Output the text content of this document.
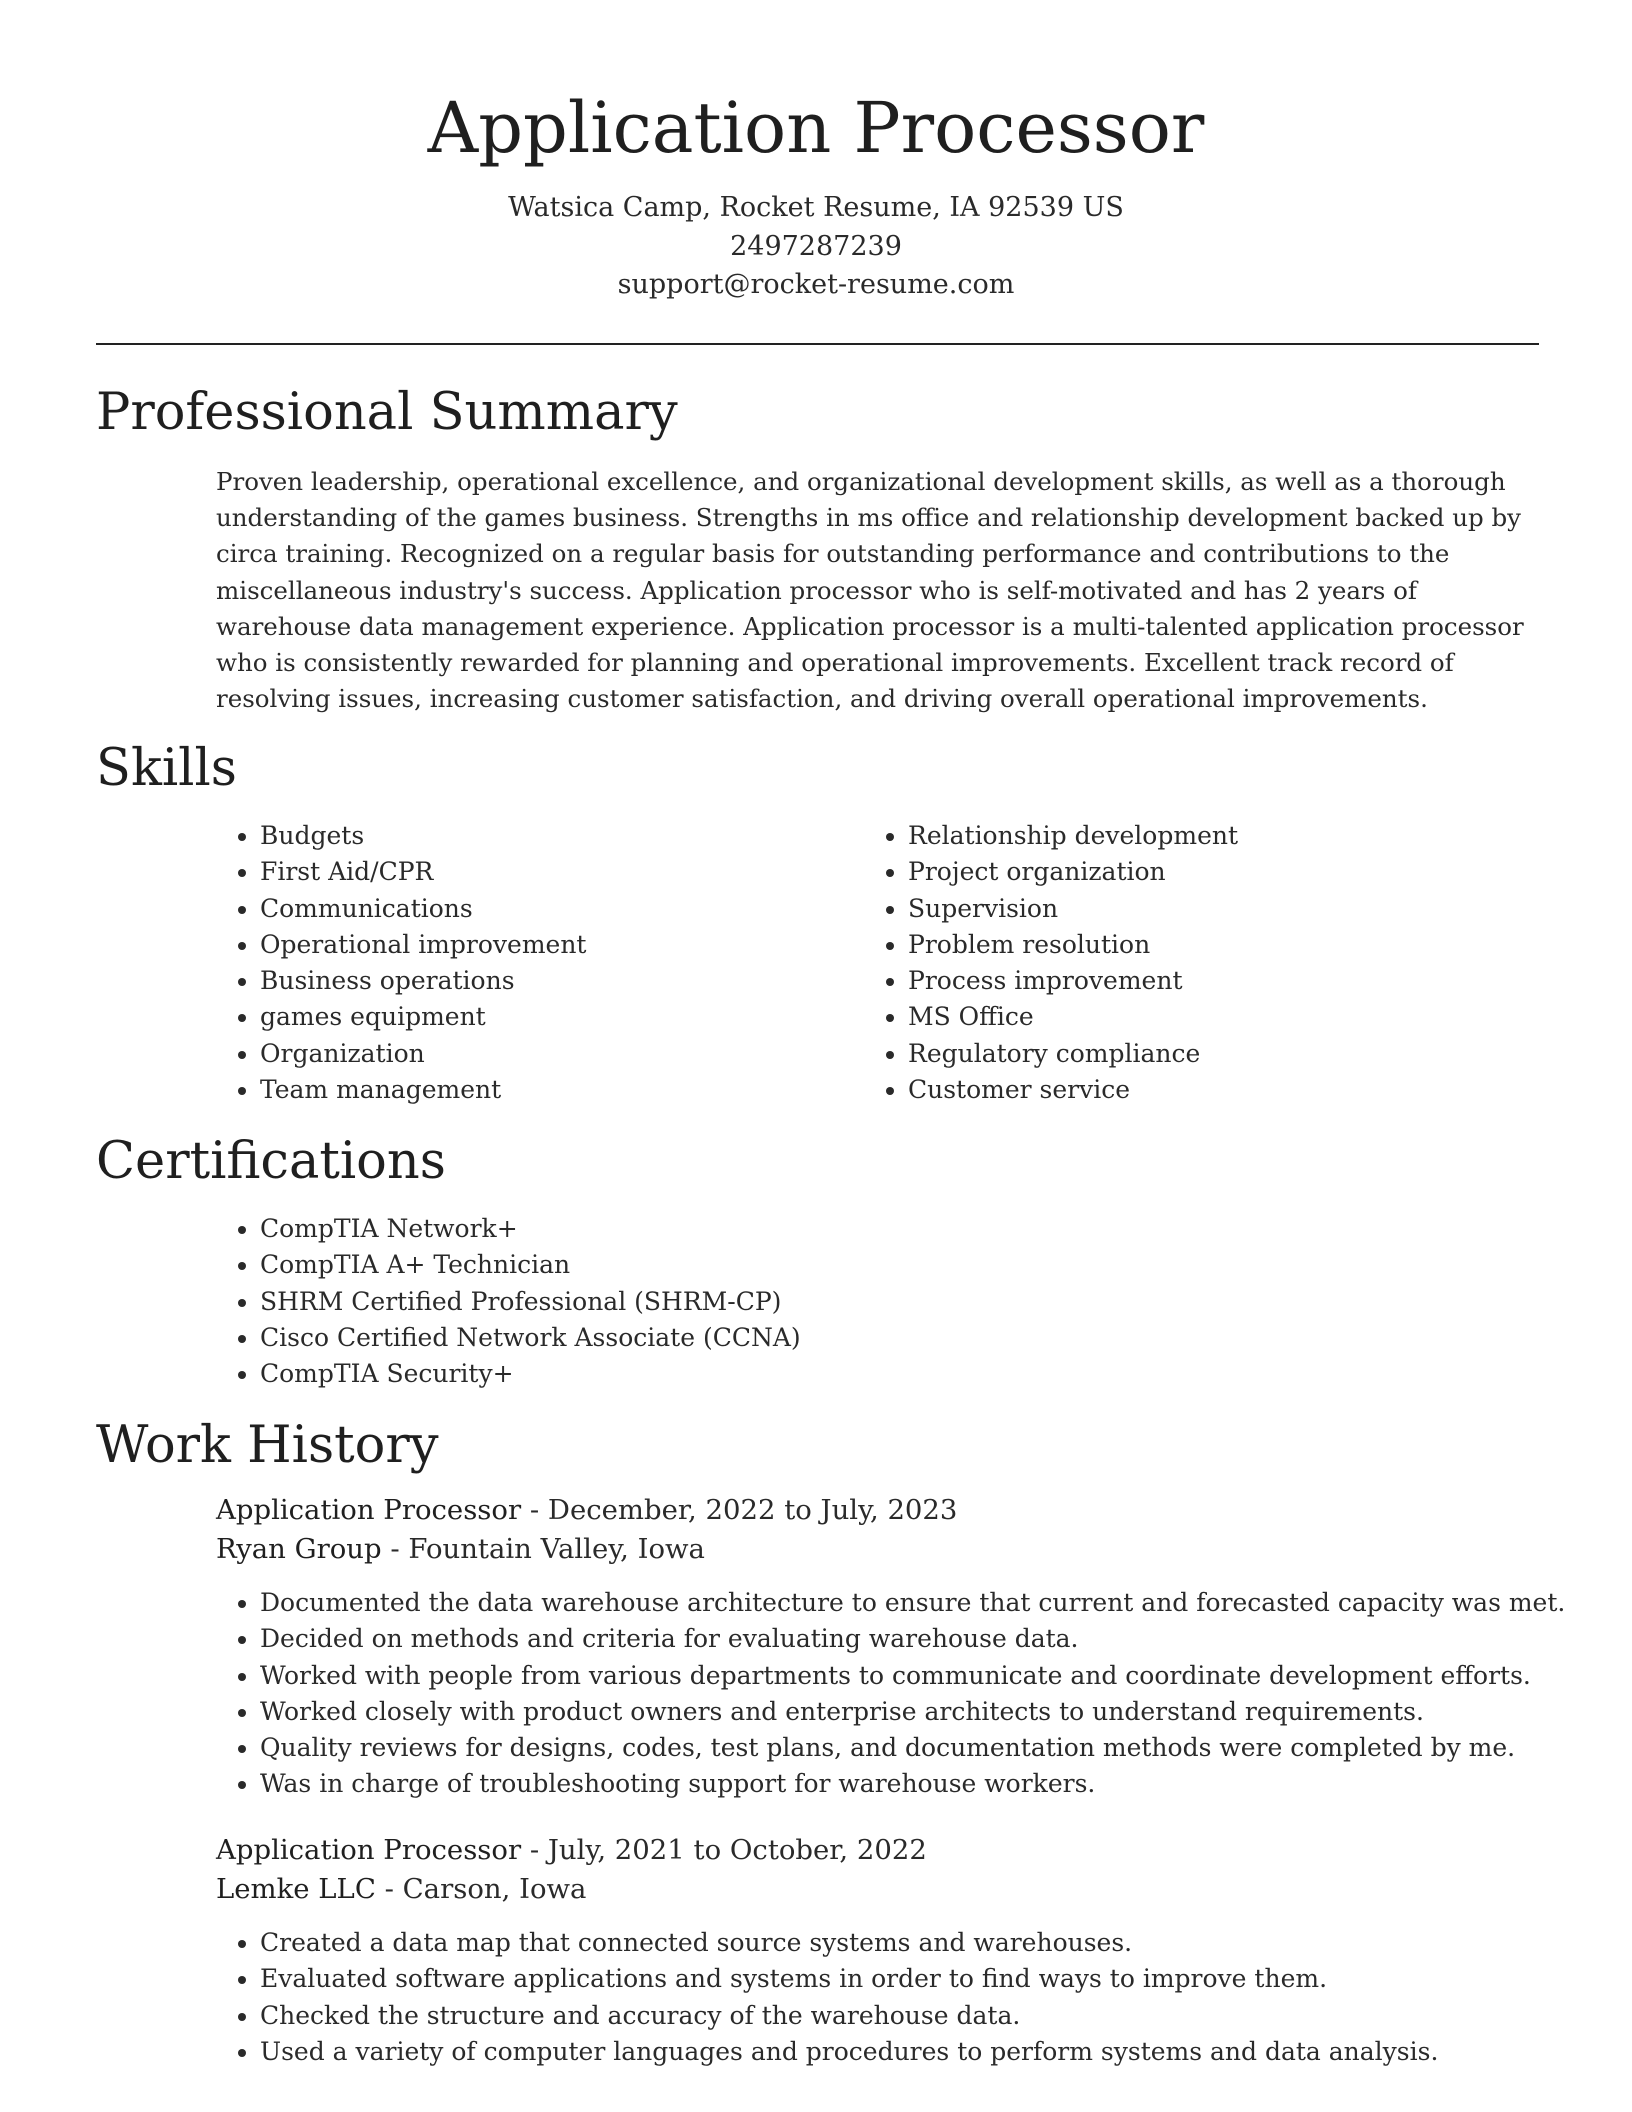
Application Processor
Watsica Camp, Rocket Resume, IA 92539 US
2497287239
support@rocket-resume.com
Professional Summary

Proven leadership, operational excellence, and organizational development skills, as well as a thorough understanding of the games business. Strengths in ms office and relationship development backed up by circa training. Recognized on a regular basis for outstanding performance and contributions to the miscellaneous industry's success. Application processor who is self-motivated and has 2 years of warehouse data management experience. Application processor is a multi-talented application processor who is consistently rewarded for planning and operational improvements. Excellent track record of resolving issues, increasing customer satisfaction, and driving overall operational improvements.

Skills
• Budgets
• First Aid/CPR
• Communications
• Operational improvement
• Business operations
• games equipment
• Organization
• Team management
• Relationship development
• Project organization
• Supervision
• Problem resolution
• Process improvement
• MS Office
• Regulatory compliance
• Customer service
Certifications
• CompTIA Network+
• CompTIA A+ Technician
• SHRM Certified Professional (SHRM-CP)
• Cisco Certified Network Associate (CCNA)
• CompTIA Security+
Work History
Application Processor - December, 2022 to July, 2023
Ryan Group - Fountain Valley, Iowa
• Documented the data warehouse architecture to ensure that current and forecasted capacity was met.
• Decided on methods and criteria for evaluating warehouse data.
• Worked with people from various departments to communicate and coordinate development efforts.
• Worked closely with product owners and enterprise architects to understand requirements.
• Quality reviews for designs, codes, test plans, and documentation methods were completed by me.
• Was in charge of troubleshooting support for warehouse workers.
Application Processor - July, 2021 to October, 2022
Lemke LLC - Carson, Iowa
• Created a data map that connected source systems and warehouses.
• Evaluated software applications and systems in order to find ways to improve them.
• Checked the structure and accuracy of the warehouse data.
• Used a variety of computer languages and procedures to perform systems and data analysis.
